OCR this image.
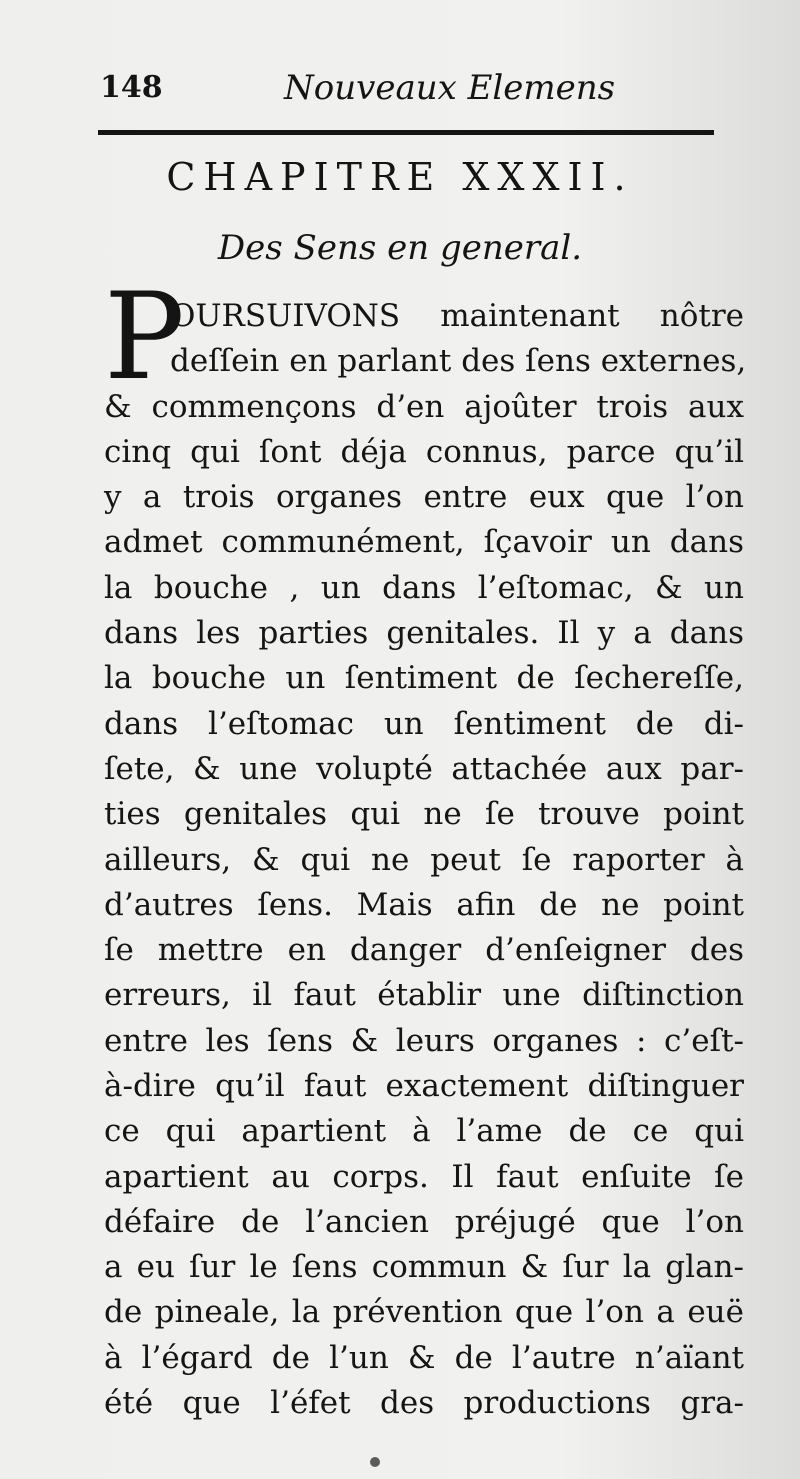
148	Nouveaux Elemens
CHAPITRE XXXII.
Des Sens en general.
P
OURSUIVONS maintenant nôtre
deſſein en parlant des ſens externes,
& commençons d’en ajoûter trois aux
cinq qui ſont déja connus, parce qu’il
y a trois organes entre eux que l’on
admet communément, ſçavoir un dans
la bouche , un dans l’eſtomac, & un
dans les parties genitales. Il y a dans
la bouche un ſentiment de ſechereſſe,
dans l’eſtomac un ſentiment de di-
ſete, & une volupté attachée aux par-
ties genitales qui ne ſe trouve point
ailleurs, & qui ne peut ſe raporter à
d’autres ſens. Mais afin de ne point
ſe mettre en danger d’enſeigner des
erreurs, il faut établir une diſtinction
entre les ſens & leurs organes : c’eſt-
à-dire qu’il faut exactement diſtinguer
ce qui apartient à l’ame de ce qui
apartient au corps. Il faut enſuite ſe
défaire de l’ancien préjugé que l’on
a eu ſur le ſens commun & ſur la glan-
de pineale, la prévention que l’on a euë
à l’égard de l’un & de l’autre n’aïant
été que l’éfet des productions gra-
